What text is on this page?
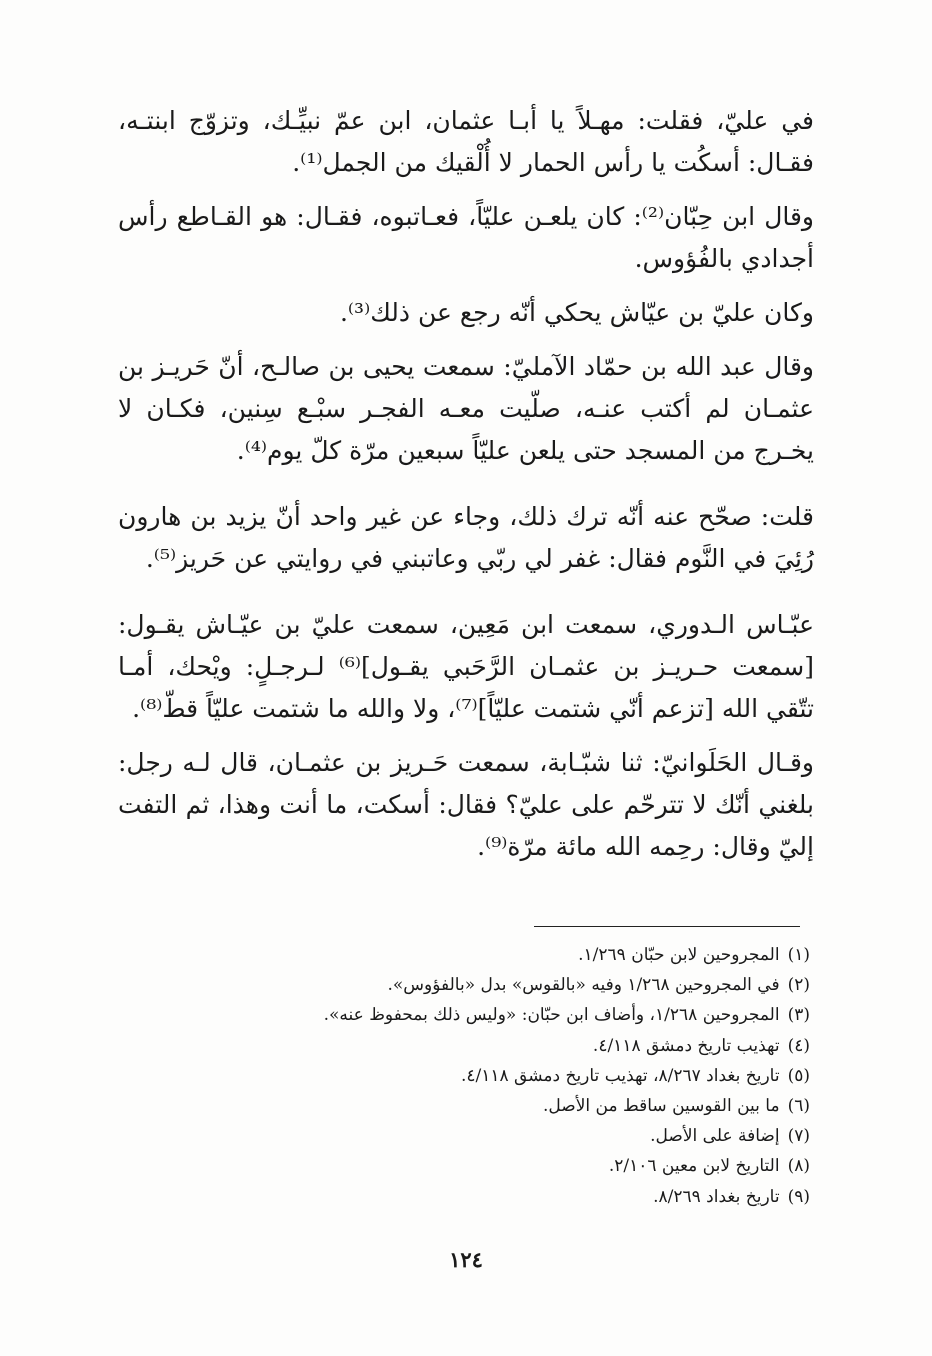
في عليّ، فقلت: مهـلاً يا أبـا عثمان، ابن عمّ نبيِّـك، وتزوّج ابنتـه، فقـال: أسكُت يا رأس الحمار لا أُلْقيك من الجمل⁽¹⁾.

وقال ابن حِبّان⁽²⁾: كان يلعـن عليّاً، فعـاتبوه، فقـال: هو القـاطع رأس أجدادي بالفُؤوس.

وكان عليّ بن عيّاش يحكي أنّه رجع عن ذلك⁽³⁾.

وقال عبد الله بن حمّاد الآمليّ: سمعت يحيى بن صالـح، أنّ حَريـز بن عثمـان لم أكتب عنـه، صلّيت معـه الفجـر سبْـع سِنين، فكـان لا يخـرج من المسجد حتى يلعن عليّاً سبعين مرّة كلّ يوم⁽⁴⁾.

قلت: صحّح عنه أنّه ترك ذلك، وجاء عن غير واحد أنّ يزيد بن هارون رُئِيَ في النَّوم فقال: غفر لي ربّي وعاتبني في روايتي عن حَريز⁽⁵⁾.

عبّـاس الـدوري، سمعت ابن مَعِين، سمعت عليّ بن عيّـاش يقـول: [سمعت حـريـز بن عثمـان الرَّحَبي يقـول]⁽⁶⁾ لـرجـلٍ: ويْحك، أمـا تتّقي الله [تزعم أنّي شتمت عليّاً]⁽⁷⁾، ولا والله ما شتمت عليّاً قطّ⁽⁸⁾.

وقـال الحَلَوانيّ: ثنا شبّـابة، سمعت حَـريز بن عثمـان، قال لـه رجل: بلغني أنّك لا تترحّم على عليّ؟ فقال: أسكت، ما أنت وهذا، ثم التفت إليّ وقال: رحِمه الله مائة مرّة⁽⁹⁾.

(١)المجروحين لابن حبّان ١/٢٦٩.

(٢)في المجروحين ١/٢٦٨ وفيه «بالقوس» بدل «بالفؤوس».

(٣)المجروحين ١/٢٦٨، وأضاف ابن حبّان: «وليس ذلك بمحفوظ عنه».

(٤)تهذيب تاريخ دمشق ٤/١١٨.

(٥)تاريخ بغداد ٨/٢٦٧، تهذيب تاريخ دمشق ٤/١١٨.

(٦)ما بين القوسين ساقط من الأصل.

(٧)إضافة على الأصل.

(٨)التاريخ لابن معين ٢/١٠٦.

(٩)تاريخ بغداد ٨/٢٦٩.

١٢٤
